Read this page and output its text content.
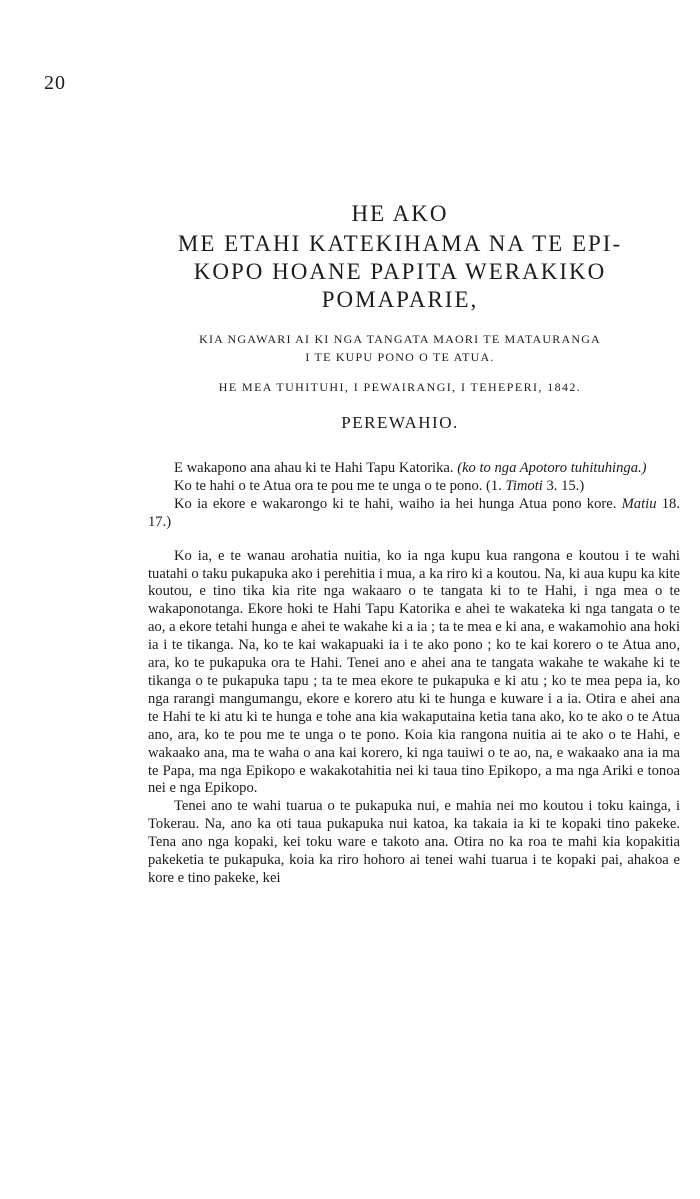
20
HE AKO
ME ETAHI KATEKIHAMA NA TE EPI-
KOPO HOANE PAPITA WERAKIKO
POMAPARIE,
KIA NGAWARI AI KI NGA TANGATA MAORI TE MATAURANGA
I TE KUPU PONO O TE ATUA.
HE MEA TUHITUHI, I PEWAIRANGI, I TEHEPERI, 1842.
PEREWAHIO.

E wakapono ana ahau ki te Hahi Tapu Katorika. (ko to nga Apotoro tuhituhinga.)

Ko te hahi o te Atua ora te pou me te unga o te pono. (1. Timoti 3. 15.)

Ko ia ekore e wakarongo ki te hahi, waiho ia hei hunga Atua pono kore. Matiu 18. 17.)

Ko ia, e te wanau arohatia nuitia, ko ia nga kupu kua rangona e koutou i te wahi tuatahi o taku pukapuka ako i perehitia i mua, a ka riro ki a koutou. Na, ki aua kupu ka kite koutou, e tino tika kia rite nga wakaaro o te tangata ki to te Hahi, i nga mea o te wakaponotanga. Ekore hoki te Hahi Tapu Katorika e ahei te wakateka ki nga tangata o te ao, a ekore tetahi hunga e ahei te wakahe ki a ia ; ta te mea e ki ana, e wakamohio ana hoki ia i te tikanga. Na, ko te kai wakapuaki ia i te ako pono ; ko te kai korero o te Atua ano, ara, ko te pukapuka ora te Hahi. Tenei ano e ahei ana te tangata wakahe te wakahe ki te tikanga o te pukapuka tapu ; ta te mea ekore te pukapuka e ki atu ; ko te mea pepa ia, ko nga rarangi mangumangu, ekore e korero atu ki te hunga e kuware i a ia. Otira e ahei ana te Hahi te ki atu ki te hunga e tohe ana kia wakaputaina ketia tana ako, ko te ako o te Atua ano, ara, ko te pou me te unga o te pono. Koia kia rangona nuitia ai te ako o te Hahi, e wakaako ana, ma te waha o ana kai korero, ki nga tauiwi o te ao, na, e wakaako ana ia ma te Papa, ma nga Epikopo e wakakotahitia nei ki taua tino Epikopo, a ma nga Ariki e tonoa nei e nga Epikopo.

Tenei ano te wahi tuarua o te pukapuka nui, e mahia nei mo koutou i toku kainga, i Tokerau. Na, ano ka oti taua pukapuka nui katoa, ka takaia ia ki te kopaki tino pakeke. Tena ano nga kopaki, kei toku ware e takoto ana. Otira no ka roa te mahi kia kopakitia pakeketia te pukapuka, koia ka riro hohoro ai tenei wahi tuarua i te kopaki pai, ahakoa e kore e tino pakeke, kei
